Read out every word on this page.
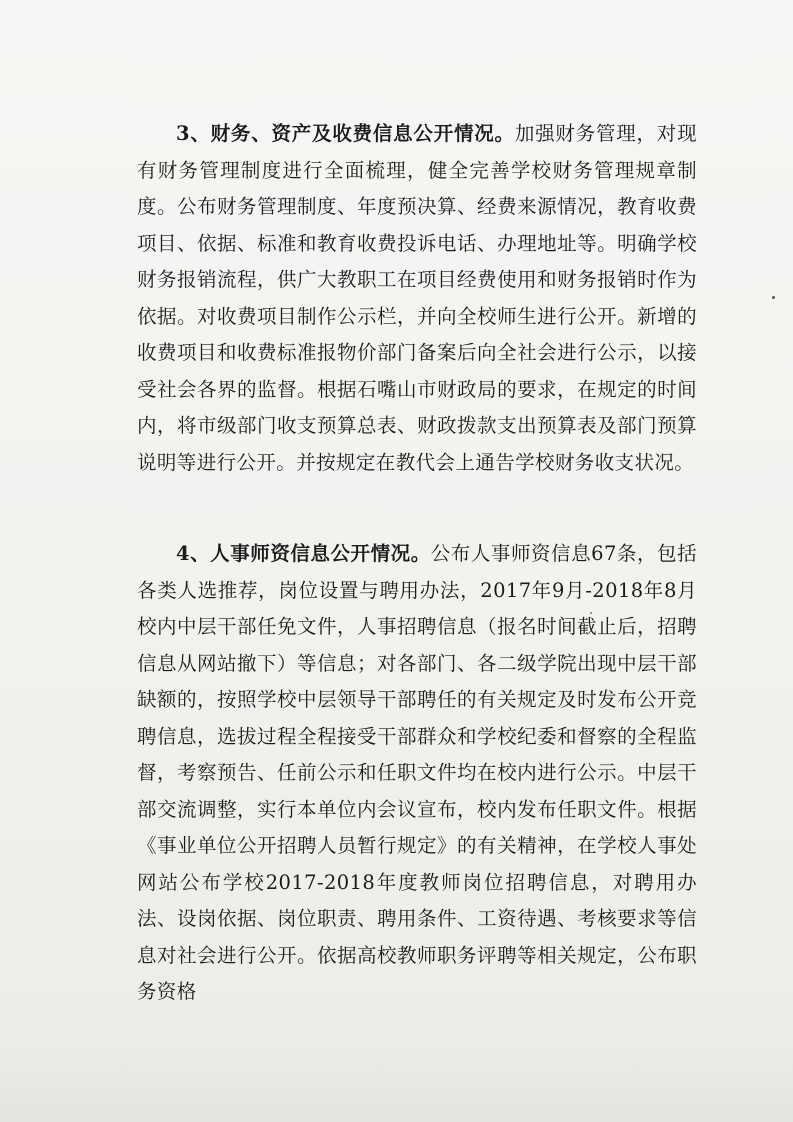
3、财务、资产及收费信息公开情况。加强财务管理，对现有财务管理制度进行全面梳理，健全完善学校财务管理规章制度。公布财务管理制度、年度预决算、经费来源情况，教育收费项目、依据、标准和教育收费投诉电话、办理地址等。明确学校财务报销流程，供广大教职工在项目经费使用和财务报销时作为依据。对收费项目制作公示栏，并向全校师生进行公开。新增的收费项目和收费标准报物价部门备案后向全社会进行公示，以接受社会各界的监督。根据石嘴山市财政局的要求，在规定的时间内，将市级部门收支预算总表、财政拨款支出预算表及部门预算说明等进行公开。并按规定在教代会上通告学校财务收支状况。

4、人事师资信息公开情况。公布人事师资信息67条，包括各类人选推荐，岗位设置与聘用办法，2017年9月-2018年8月校内中层干部任免文件，人事招聘信息（报名时间截止后，招聘信息从网站撤下）等信息；对各部门、各二级学院出现中层干部缺额的，按照学校中层领导干部聘任的有关规定及时发布公开竞聘信息，选拔过程全程接受干部群众和学校纪委和督察的全程监督，考察预告、任前公示和任职文件均在校内进行公示。中层干部交流调整，实行本单位内会议宣布，校内发布任职文件。根据《事业单位公开招聘人员暂行规定》的有关精神，在学校人事处网站公布学校2017-2018年度教师岗位招聘信息，对聘用办法、设岗依据、岗位职责、聘用条件、工资待遇、考核要求等信息对社会进行公开。依据高校教师职务评聘等相关规定，公布职务资格
